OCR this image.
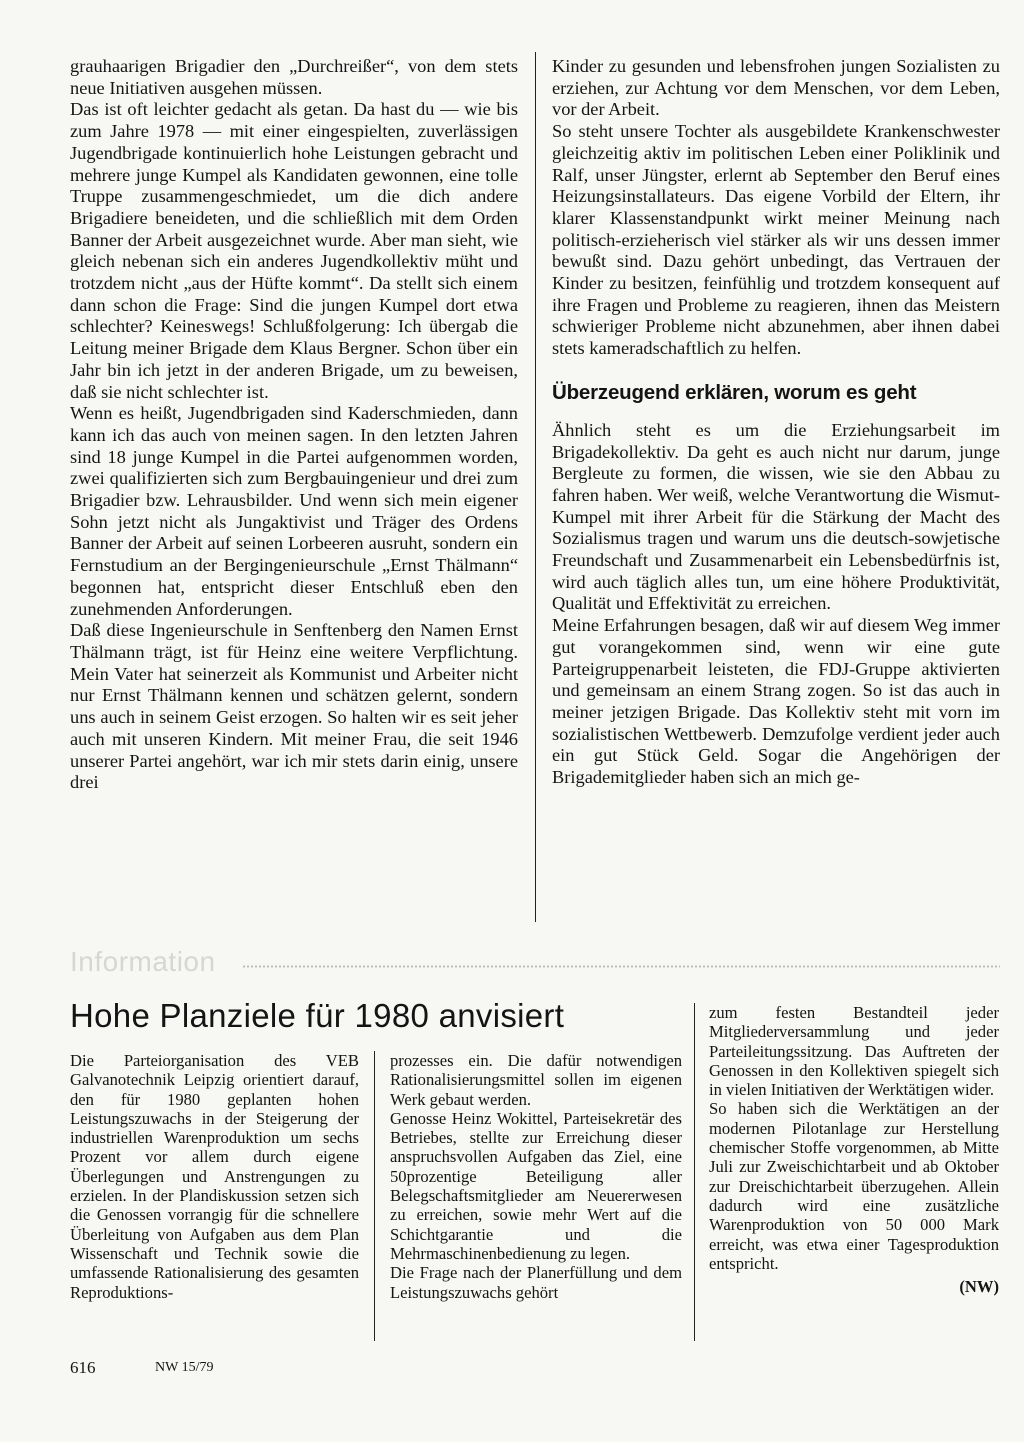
grauhaarigen Brigadier den „Durchreißer“, von dem stets neue Initiativen ausgehen müssen.

Das ist oft leichter gedacht als getan. Da hast du — wie bis zum Jahre 1978 — mit einer eingespielten, zuverlässigen Jugendbrigade kontinuierlich hohe Leistungen gebracht und mehrere junge Kumpel als Kandidaten gewonnen, eine tolle Truppe zusammengeschmiedet, um die dich andere Brigadiere beneideten, und die schließlich mit dem Orden Banner der Arbeit ausgezeichnet wurde. Aber man sieht, wie gleich nebenan sich ein anderes Jugendkollektiv müht und trotzdem nicht „aus der Hüfte kommt“. Da stellt sich einem dann schon die Frage: Sind die jungen Kumpel dort etwa schlechter? Keineswegs! Schlußfolgerung: Ich übergab die Leitung meiner Brigade dem Klaus Bergner. Schon über ein Jahr bin ich jetzt in der anderen Brigade, um zu beweisen, daß sie nicht schlechter ist.

Wenn es heißt, Jugendbrigaden sind Kaderschmieden, dann kann ich das auch von meinen sagen. In den letzten Jahren sind 18 junge Kumpel in die Partei aufgenommen worden, zwei qualifizierten sich zum Bergbauingenieur und drei zum Brigadier bzw. Lehrausbilder. Und wenn sich mein eigener Sohn jetzt nicht als Jungaktivist und Träger des Ordens Banner der Arbeit auf seinen Lorbeeren ausruht, sondern ein Fernstudium an der Bergingenieurschule „Ernst Thälmann“ begonnen hat, entspricht dieser Entschluß eben den zunehmenden Anforderungen.

Daß diese Ingenieurschule in Senftenberg den Namen Ernst Thälmann trägt, ist für Heinz eine weitere Verpflichtung. Mein Vater hat seinerzeit als Kommunist und Arbeiter nicht nur Ernst Thälmann kennen und schätzen gelernt, sondern uns auch in seinem Geist erzogen. So halten wir es seit jeher auch mit unseren Kindern. Mit meiner Frau, die seit 1946 unserer Partei angehört, war ich mir stets darin einig, unsere drei

Kinder zu gesunden und lebensfrohen jungen Sozialisten zu erziehen, zur Achtung vor dem Menschen, vor dem Leben, vor der Arbeit.

So steht unsere Tochter als ausgebildete Krankenschwester gleichzeitig aktiv im politischen Leben einer Poliklinik und Ralf, unser Jüngster, erlernt ab September den Beruf eines Heizungsinstallateurs. Das eigene Vorbild der Eltern, ihr klarer Klassenstandpunkt wirkt meiner Meinung nach politisch-erzieherisch viel stärker als wir uns dessen immer bewußt sind. Dazu gehört unbedingt, das Vertrauen der Kinder zu besitzen, feinfühlig und trotzdem konsequent auf ihre Fragen und Probleme zu reagieren, ihnen das Meistern schwieriger Probleme nicht abzunehmen, aber ihnen dabei stets kameradschaftlich zu helfen.

Überzeugend erklären, worum es geht

Ähnlich steht es um die Erziehungsarbeit im Brigadekollektiv. Da geht es auch nicht nur darum, junge Bergleute zu formen, die wissen, wie sie den Abbau zu fahren haben. Wer weiß, welche Verantwortung die Wismut-Kumpel mit ihrer Arbeit für die Stärkung der Macht des Sozialismus tragen und warum uns die deutsch-sowjetische Freundschaft und Zusammenarbeit ein Lebensbedürfnis ist, wird auch täglich alles tun, um eine höhere Produktivität, Qualität und Effektivität zu erreichen.

Meine Erfahrungen besagen, daß wir auf diesem Weg immer gut vorangekommen sind, wenn wir eine gute Parteigruppenarbeit leisteten, die FDJ-Gruppe aktivierten und gemeinsam an einem Strang zogen. So ist das auch in meiner jetzigen Brigade. Das Kollektiv steht mit vorn im sozialistischen Wettbewerb. Demzufolge verdient jeder auch ein gut Stück Geld. Sogar die Angehörigen der Brigademitglieder haben sich an mich ge-

Information
Hohe Planziele für 1980 anvisiert

Die Parteiorganisation des VEB Galvanotechnik Leipzig orientiert darauf, den für 1980 geplanten hohen Leistungszuwachs in der Steigerung der industriellen Warenproduktion um sechs Prozent vor allem durch eigene Überlegungen und Anstrengungen zu erzielen. In der Plandiskussion setzen sich die Genossen vorrangig für die schnellere Überleitung von Aufgaben aus dem Plan Wissenschaft und Technik sowie die umfassende Rationalisierung des gesamten Reproduktions-

prozesses ein. Die dafür notwendigen Rationalisierungsmittel sollen im eigenen Werk gebaut werden.

Genosse Heinz Wokittel, Parteisekretär des Betriebes, stellte zur Erreichung dieser anspruchsvollen Aufgaben das Ziel, eine 50prozentige Beteiligung aller Belegschaftsmitglieder am Neuererwesen zu erreichen, sowie mehr Wert auf die Schichtgarantie und die Mehrmaschinenbedienung zu legen.

Die Frage nach der Planerfüllung und dem Leistungszuwachs gehört

zum festen Bestandteil jeder Mitgliederversammlung und jeder Parteileitungssitzung. Das Auftreten der Genossen in den Kollektiven spiegelt sich in vielen Initiativen der Werktätigen wider.

So haben sich die Werktätigen an der modernen Pilotanlage zur Herstellung chemischer Stoffe vorgenommen, ab Mitte Juli zur Zweischichtarbeit und ab Oktober zur Dreischichtarbeit überzugehen. Allein dadurch wird eine zusätzliche Warenproduktion von 50 000 Mark erreicht, was etwa einer Tagesproduktion entspricht.

(NW)

616	NW 15/79
